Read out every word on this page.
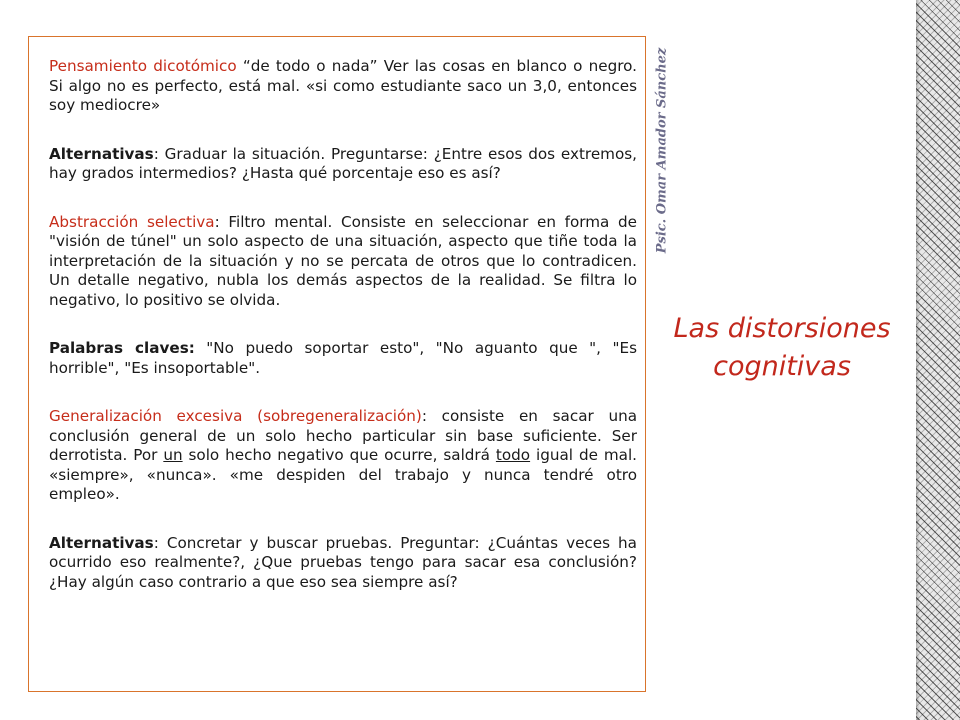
Pensamiento dicotómico “de todo o nada” Ver las cosas en blanco o negro. Si algo no es perfecto, está mal. «si como estudiante saco un 3,0, entonces soy mediocre»

Alternativas: Graduar la situación. Preguntarse: ¿Entre esos dos extremos, hay grados intermedios? ¿Hasta qué porcentaje eso es así?

Abstracción selectiva: Filtro mental. Consiste en seleccionar en forma de "visión de túnel" un solo aspecto de una situación, aspecto que tiñe toda la interpretación de la situación y no se percata de otros que lo contradicen. Un detalle negativo, nubla los demás aspectos de la realidad. Se filtra lo negativo, lo positivo se olvida.

Palabras claves: "No puedo soportar esto", "No aguanto que ", "Es horrible", "Es insoportable".

Generalización excesiva (sobregeneralización): consiste en sacar una conclusión general de un solo hecho particular sin base suficiente. Ser derrotista. Por un solo hecho negativo que ocurre, saldrá todo igual de mal. «siempre», «nunca». «me despiden del trabajo y nunca tendré otro empleo».

Alternativas: Concretar y buscar pruebas. Preguntar: ¿Cuántas veces ha ocurrido eso realmente?, ¿Que pruebas tengo para sacar esa conclusión? ¿Hay algún caso contrario a que eso sea siempre así?

Psic. Omar Amador Sánchez
Las distorsiones
cognitivas
